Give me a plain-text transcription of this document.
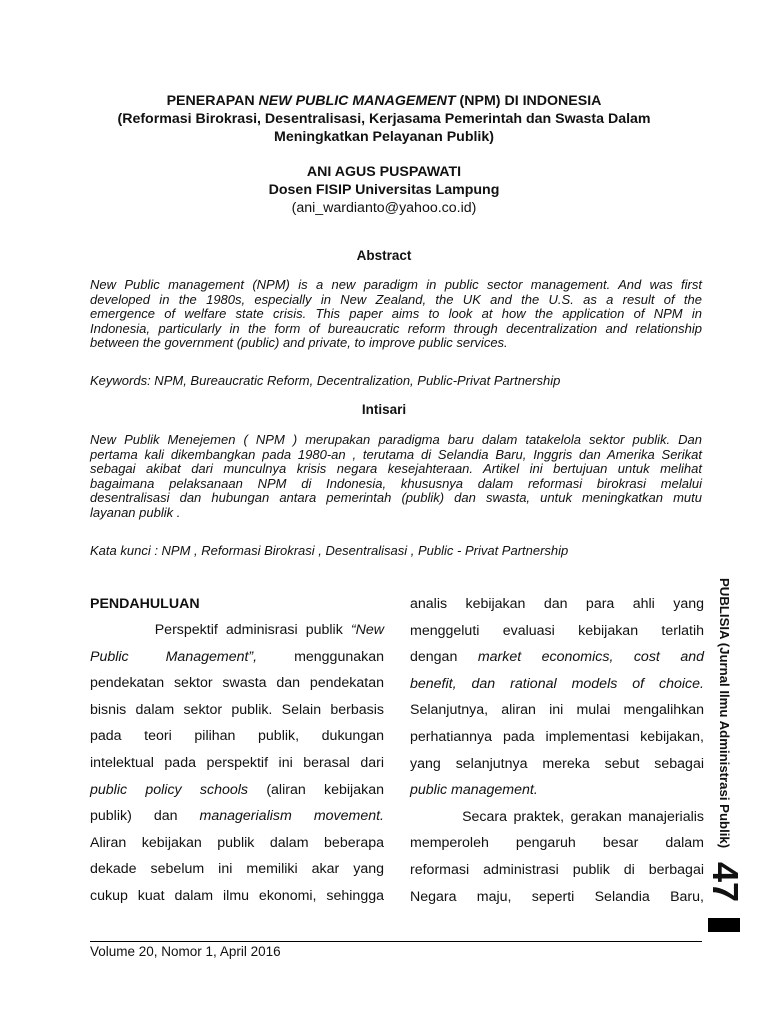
PENERAPAN NEW PUBLIC MANAGEMENT (NPM) DI INDONESIA
(Reformasi Birokrasi, Desentralisasi, Kerjasama Pemerintah dan Swasta Dalam
Meningkatkan Pelayanan Publik)
ANI AGUS PUSPAWATI
Dosen FISIP Universitas Lampung
(ani_wardianto@yahoo.co.id)
Abstract
New Public management (NPM) is a new paradigm in public sector management. And was first
developed in the 1980s, especially in New Zealand, the UK and the U.S. as a result of the
emergence of welfare state crisis. This paper aims to look at how the application of NPM in
Indonesia, particularly in the form of bureaucratic reform through decentralization and relationship
between the government (public) and private, to improve public services.
Keywords: NPM, Bureaucratic Reform, Decentralization, Public-Privat Partnership
Intisari
New Publik Menejemen ( NPM ) merupakan paradigma baru dalam tatakelola sektor publik. Dan
pertama kali dikembangkan pada 1980-an , terutama di Selandia Baru, Inggris dan Amerika Serikat
sebagai akibat dari munculnya krisis negara kesejahteraan. Artikel ini bertujuan untuk melihat
bagaimana pelaksanaan NPM di Indonesia, khususnya dalam reformasi birokrasi melalui
desentralisasi dan hubungan antara pemerintah (publik) dan swasta, untuk meningkatkan mutu
layanan publik .
Kata kunci : NPM , Reformasi Birokrasi , Desentralisasi , Public - Privat Partnership
PENDAHULUAN
Perspektif adminisrasi publik “New
Public Management”, menggunakan
pendekatan sektor swasta dan pendekatan
bisnis dalam sektor publik. Selain berbasis
pada teori pilihan publik, dukungan
intelektual pada perspektif ini berasal dari
public policy schools (aliran kebijakan
publik) dan managerialism movement.
Aliran kebijakan publik dalam beberapa
dekade sebelum ini memiliki akar yang
cukup kuat dalam ilmu ekonomi, sehingga
analis kebijakan dan para ahli yang
menggeluti evaluasi kebijakan terlatih
dengan market economics, cost and
benefit, dan rational models of choice.
Selanjutnya, aliran ini mulai mengalihkan
perhatiannya pada implementasi kebijakan,
yang selanjutnya mereka sebut sebagai
public management.
Secara praktek, gerakan manajerialis
memperoleh pengaruh besar dalam
reformasi administrasi publik di berbagai
Negara maju, seperti Selandia Baru,
PUBLISIA (Jurnal Ilmu Administrasi Publik)
47
Volume 20, Nomor 1, April 2016
